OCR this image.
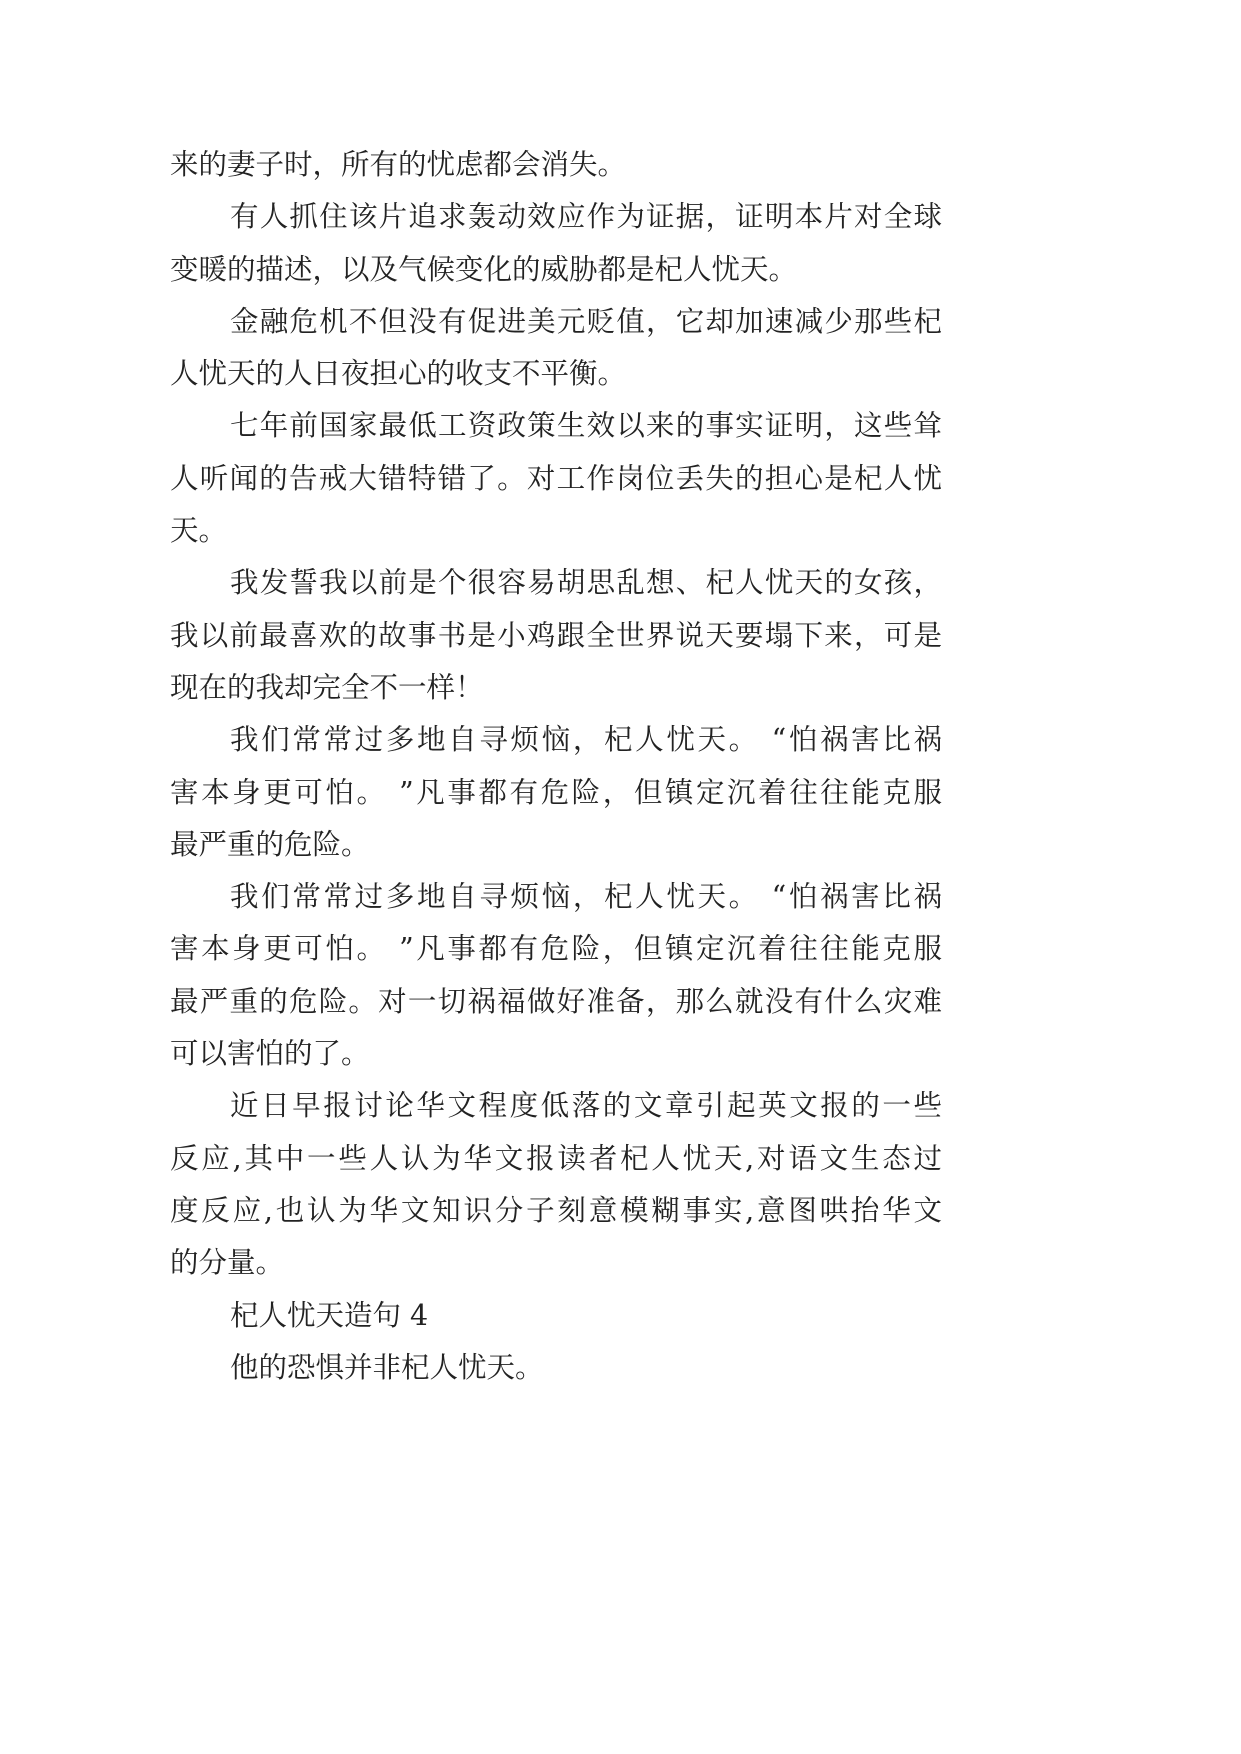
来的妻子时，所有的忧虑都会消失。
有人抓住该片追求轰动效应作为证据，证明本片对全球
变暖的描述，以及气候变化的威胁都是杞人忧天。
金融危机不但没有促进美元贬值，它却加速减少那些杞
人忧天的人日夜担心的收支不平衡。
七年前国家最低工资政策生效以来的事实证明，这些耸
人听闻的告戒大错特错了。对工作岗位丢失的担心是杞人忧
天。
我发誓我以前是个很容易胡思乱想、杞人忧天的女孩，
我以前最喜欢的故事书是小鸡跟全世界说天要塌下来，可是
现在的我却完全不一样！
我们常常过多地自寻烦恼，杞人忧天。 “怕祸害比祸
害本身更可怕。 ”凡事都有危险，但镇定沉着往往能克服
最严重的危险。
我们常常过多地自寻烦恼，杞人忧天。 “怕祸害比祸
害本身更可怕。 ”凡事都有危险，但镇定沉着往往能克服
最严重的危险。对一切祸福做好准备，那么就没有什么灾难
可以害怕的了。
近日早报讨论华文程度低落的文章引起英文报的一些
反应,其中一些人认为华文报读者杞人忧天,对语文生态过
度反应,也认为华文知识分子刻意模糊事实,意图哄抬华文
的分量。
杞人忧天造句 4
他的恐惧并非杞人忧天。
